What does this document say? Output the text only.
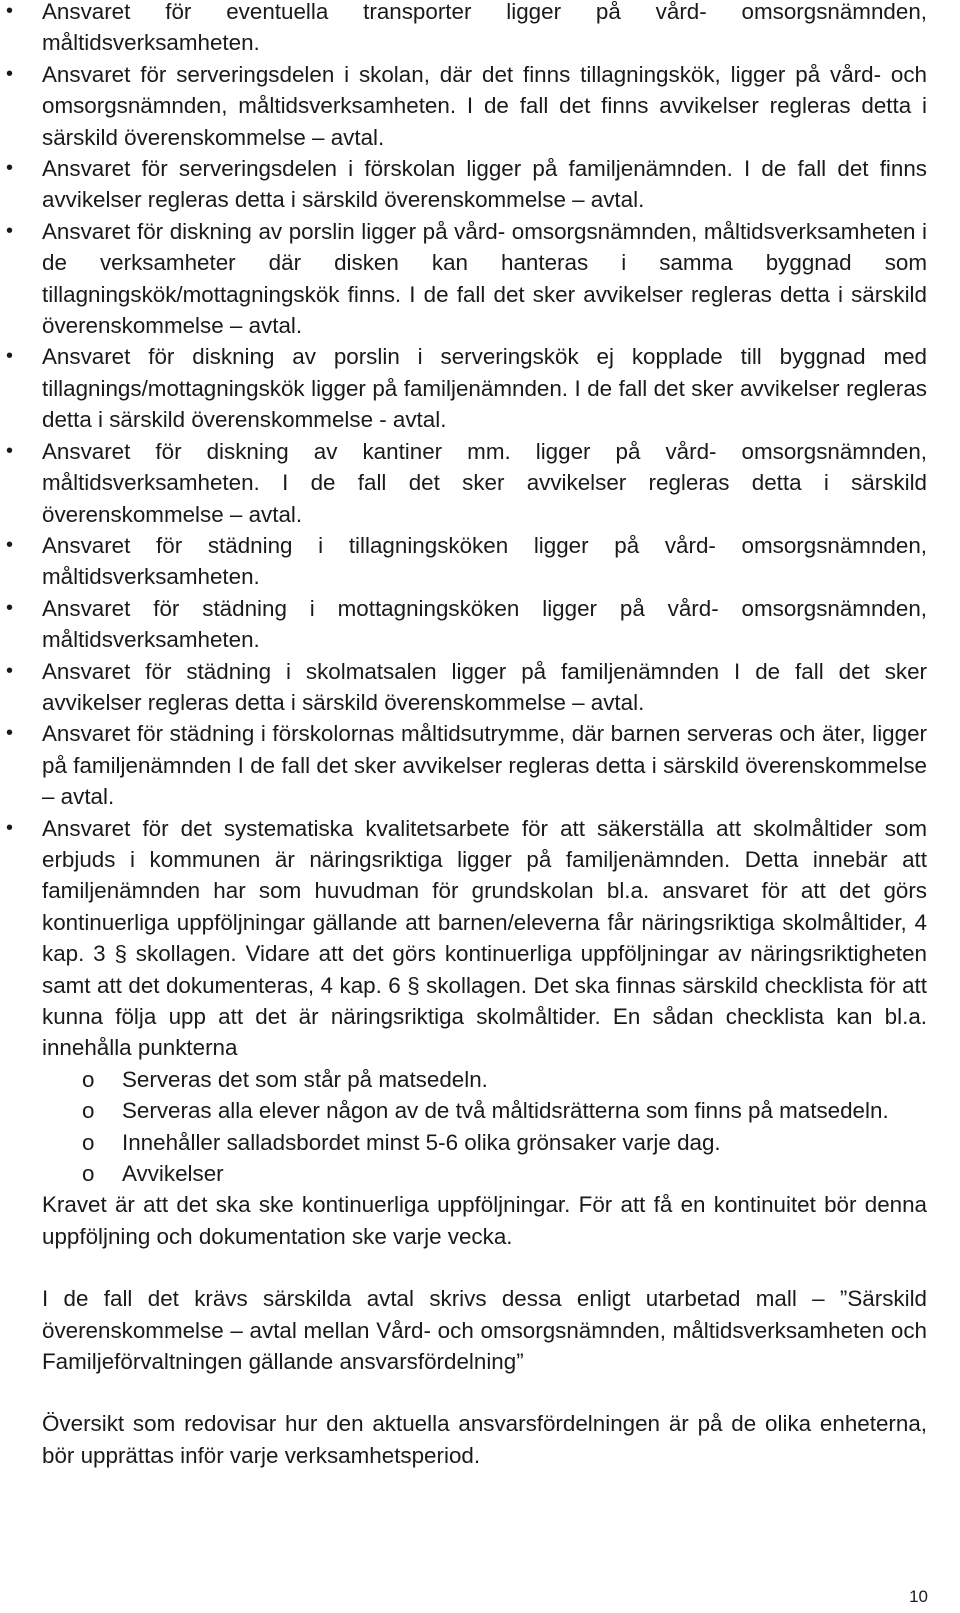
• Ansvaret för eventuella transporter ligger på vård- omsorgsnämnden, måltidsverksamheten.
• Ansvaret för serveringsdelen i skolan, där det finns tillagningskök, ligger på vård- och omsorgsnämnden, måltidsverksamheten. I de fall det finns avvikelser regleras detta i särskild överenskommelse – avtal.
• Ansvaret för serveringsdelen i förskolan ligger på familjenämnden. I de fall det finns avvikelser regleras detta i särskild överenskommelse – avtal.
• Ansvaret för diskning av porslin ligger på vård- omsorgsnämnden, måltidsverksamheten i de verksamheter där disken kan hanteras i samma byggnad som tillagningskök/mottagningskök finns. I de fall det sker avvikelser regleras detta i särskild överenskommelse – avtal.
• Ansvaret för diskning av porslin i serveringskök ej kopplade till byggnad med tillagnings/mottagningskök ligger på familjenämnden. I de fall det sker avvikelser regleras detta i särskild överenskommelse - avtal.
• Ansvaret för diskning av kantiner mm. ligger på vård- omsorgsnämnden, måltidsverksamheten. I de fall det sker avvikelser regleras detta i särskild överenskommelse – avtal.
• Ansvaret för städning i tillagningsköken ligger på vård- omsorgsnämnden, måltidsverksamheten.
• Ansvaret för städning i mottagningsköken ligger på vård- omsorgsnämnden, måltidsverksamheten.
• Ansvaret för städning i skolmatsalen ligger på familjenämnden I de fall det sker avvikelser regleras detta i särskild överenskommelse – avtal.
• Ansvaret för städning i förskolornas måltidsutrymme, där barnen serveras och äter, ligger på familjenämnden I de fall det sker avvikelser regleras detta i särskild överenskommelse – avtal.
• Ansvaret för det systematiska kvalitetsarbete för att säkerställa att skolmåltider som erbjuds i kommunen är näringsriktiga ligger på familjenämnden. Detta innebär att familjenämnden har som huvudman för grundskolan bl.a. ansvaret för att det görs kontinuerliga uppföljningar gällande att barnen/eleverna får näringsriktiga skolmåltider, 4 kap. 3 § skollagen. Vidare att det görs kontinuerliga uppföljningar av näringsriktigheten samt att det dokumenteras, 4 kap. 6 § skollagen. Det ska finnas särskild checklista för att kunna följa upp att det är näringsriktiga skolmåltider. En sådan checklista kan bl.a. innehålla punkterna
o Serveras det som står på matsedeln.
o Serveras alla elever någon av de två måltidsrätterna som finns på matsedeln.
o Innehåller salladsbordet minst 5-6 olika grönsaker varje dag.
o Avvikelser

Kravet är att det ska ske kontinuerliga uppföljningar. För att få en kontinuitet bör denna uppföljning och dokumentation ske varje vecka.

I de fall det krävs särskilda avtal skrivs dessa enligt utarbetad mall – ”Särskild överenskommelse – avtal mellan Vård- och omsorgsnämnden, måltidsverksamheten och Familjeförvaltningen gällande ansvarsfördelning”

Översikt som redovisar hur den aktuella ansvarsfördelningen är på de olika enheterna, bör upprättas inför varje verksamhetsperiod.

10
